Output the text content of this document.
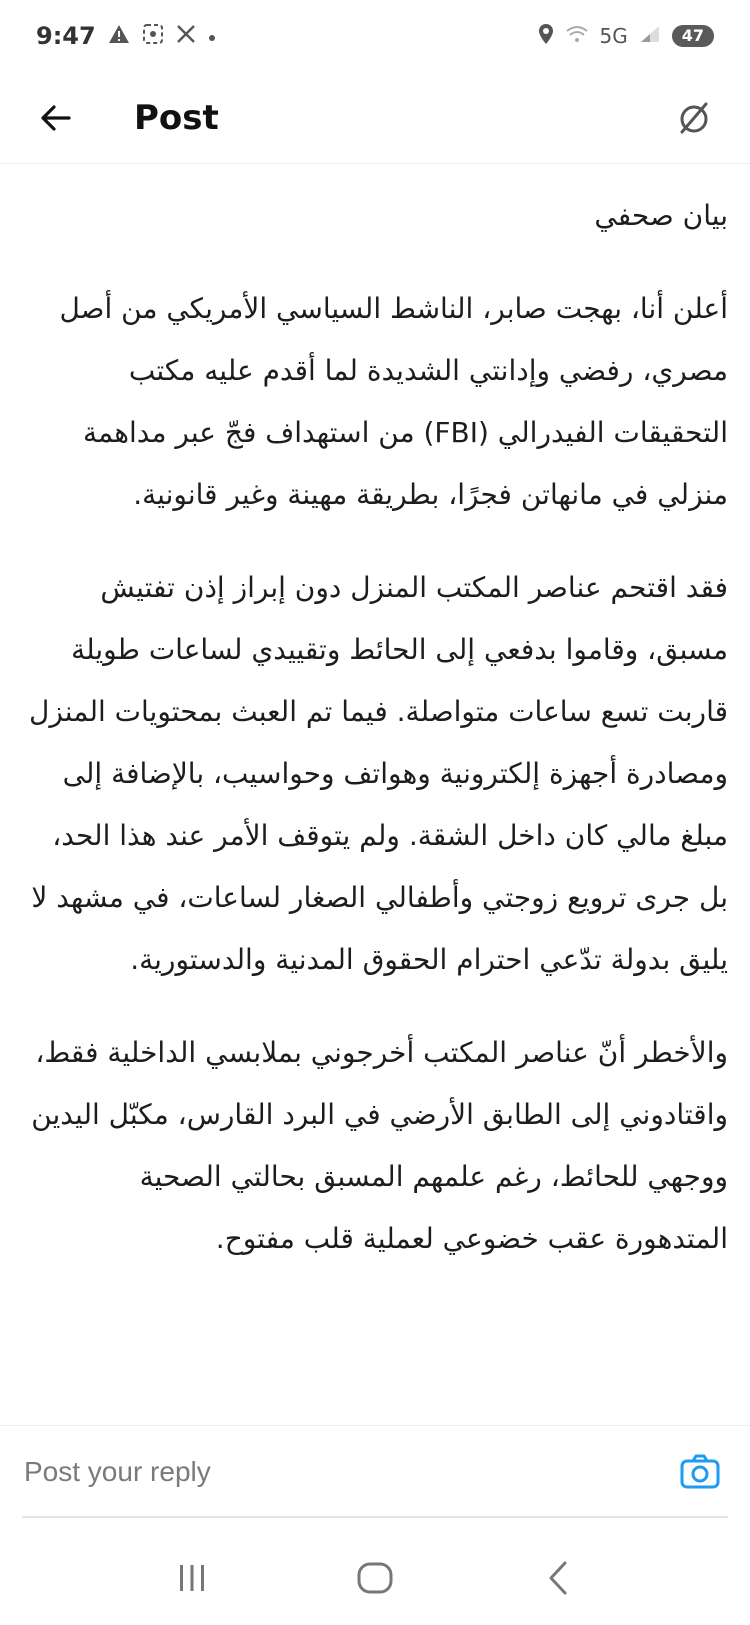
9:47	5G	47
Post

بيان صحفي

أعلن أنا، بهجت صابر، الناشط السياسي الأمريكي من أصل مصري، رفضي وإدانتي الشديدة لما أقدم عليه مكتب التحقيقات الفيدرالي (FBI) من استهداف فجّ عبر مداهمة منزلي في مانهاتن فجرًا، بطريقة مهينة وغير قانونية.

فقد اقتحم عناصر المكتب المنزل دون إبراز إذن تفتيش مسبق، وقاموا بدفعي إلى الحائط وتقييدي لساعات طويلة قاربت تسع ساعات متواصلة. فيما تم العبث بمحتويات المنزل ومصادرة أجهزة إلكترونية وهواتف وحواسيب، بالإضافة إلى مبلغ مالي كان داخل الشقة. ولم يتوقف الأمر عند هذا الحد، بل جرى ترويع زوجتي وأطفالي الصغار لساعات، في مشهد لا يليق بدولة تدّعي احترام الحقوق المدنية والدستورية.

والأخطر أنّ عناصر المكتب أخرجوني بملابسي الداخلية فقط، واقتادوني إلى الطابق الأرضي في البرد القارس، مكبّل اليدين ووجهي للحائط، رغم علمهم المسبق بحالتي الصحية المتدهورة عقب خضوعي لعملية قلب مفتوح.

Post your reply
